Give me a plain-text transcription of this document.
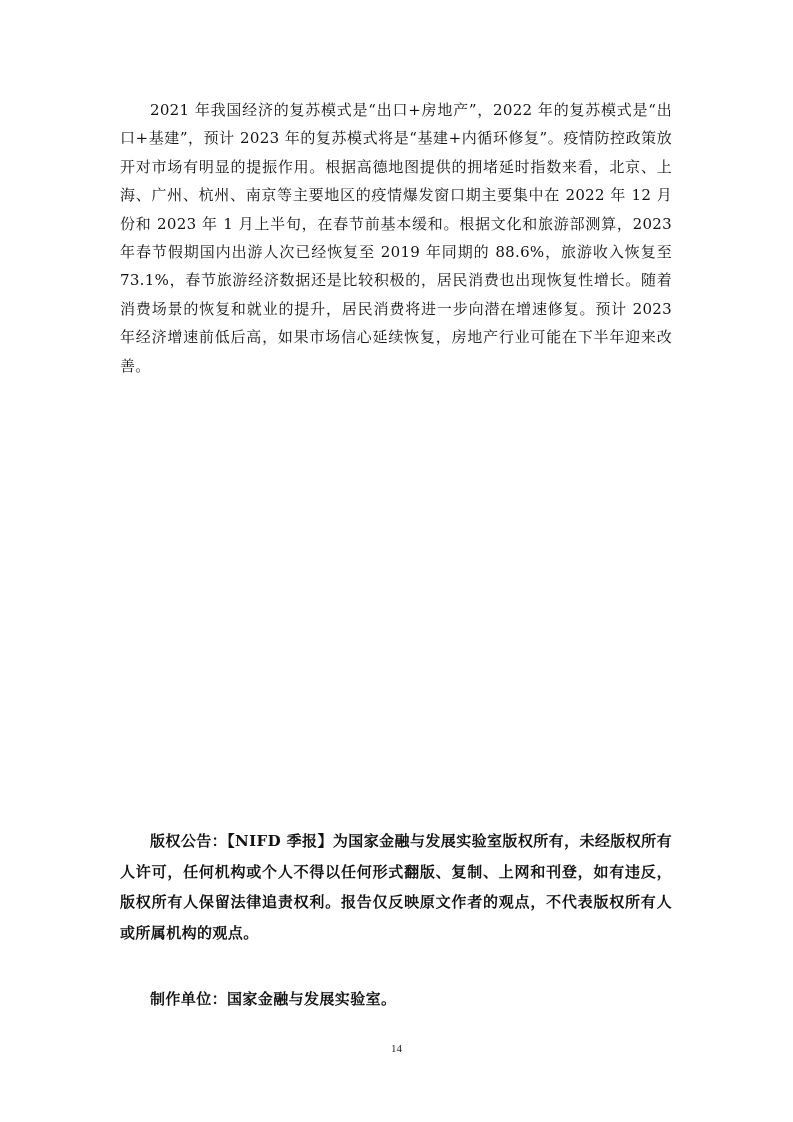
2021 年我国经济的复苏模式是“出口+房地产”，2022 年的复苏模式是“出口+基建”，预计 2023 年的复苏模式将是“基建+内循环修复”。疫情防控政策放开对市场有明显的提振作用。根据高德地图提供的拥堵延时指数来看，北京、上海、广州、杭州、南京等主要地区的疫情爆发窗口期主要集中在 2022 年 12 月份和 2023 年 1 月上半旬，在春节前基本缓和。根据文化和旅游部测算，2023 年春节假期国内出游人次已经恢复至 2019 年同期的 88.6%，旅游收入恢复至 73.1%，春节旅游经济数据还是比较积极的，居民消费也出现恢复性增长。随着消费场景的恢复和就业的提升，居民消费将进一步向潜在增速修复。预计 2023 年经济增速前低后高，如果市场信心延续恢复，房地产行业可能在下半年迎来改善。

版权公告：【NIFD 季报】为国家金融与发展实验室版权所有，未经版权所有人许可，任何机构或个人不得以任何形式翻版、复制、上网和刊登，如有违反，版权所有人保留法律追责权利。报告仅反映原文作者的观点，不代表版权所有人或所属机构的观点。

制作单位：国家金融与发展实验室。

14
